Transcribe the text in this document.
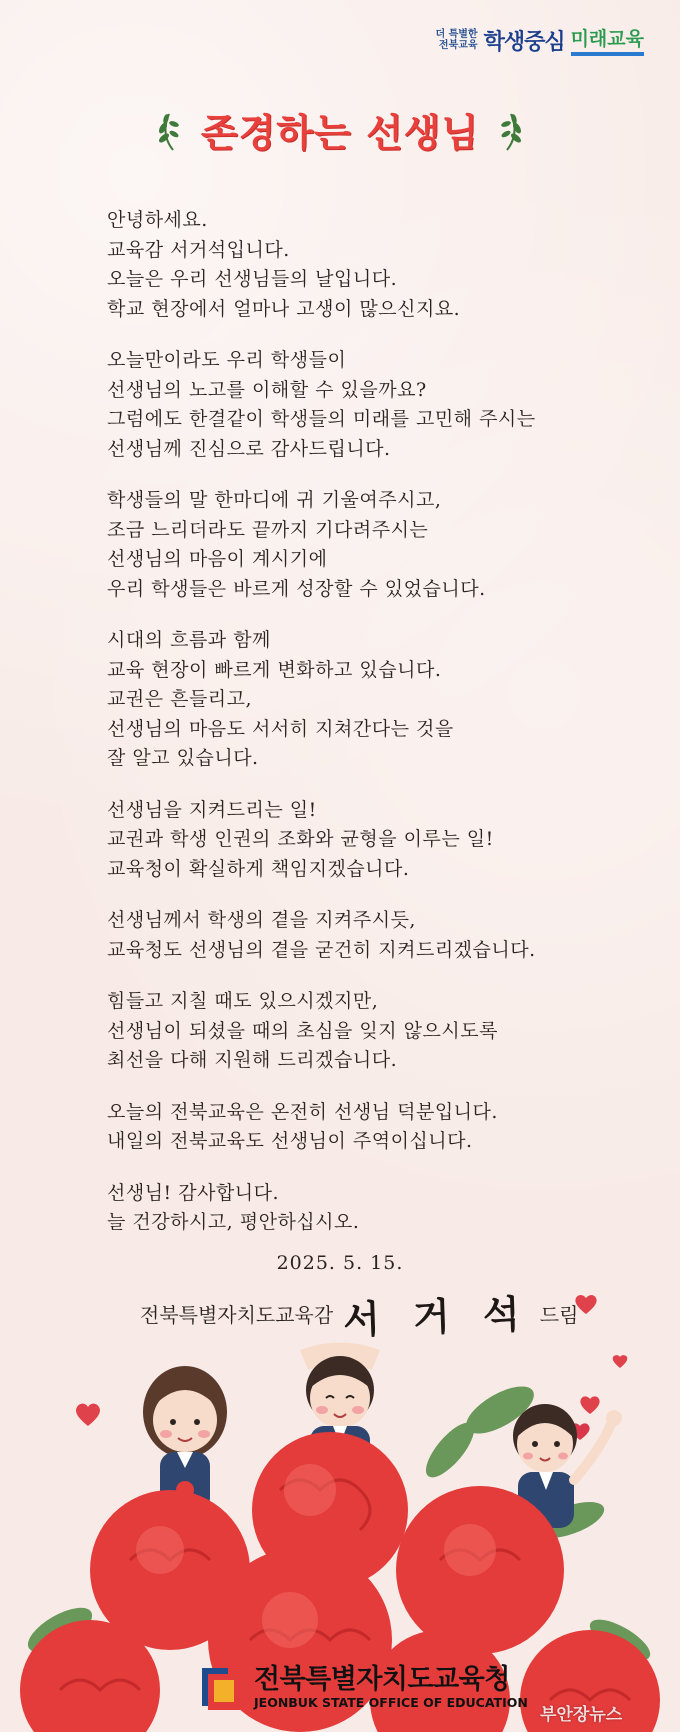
더 특별한
전북교육 학생중심 미래교육
존경하는 선생님
안녕하세요.
교육감 서거석입니다.
오늘은 우리 선생님들의 날입니다.
학교 현장에서 얼마나 고생이 많으신지요.
오늘만이라도 우리 학생들이
선생님의 노고를 이해할 수 있을까요?
그럼에도 한결같이 학생들의 미래를 고민해 주시는
선생님께 진심으로 감사드립니다.
학생들의 말 한마디에 귀 기울여주시고,
조금 느리더라도 끝까지 기다려주시는
선생님의 마음이 계시기에
우리 학생들은 바르게 성장할 수 있었습니다.
시대의 흐름과 함께
교육 현장이 빠르게 변화하고 있습니다.
교권은 흔들리고,
선생님의 마음도 서서히 지쳐간다는 것을
잘 알고 있습니다.
선생님을 지켜드리는 일!
교권과 학생 인권의 조화와 균형을 이루는 일!
교육청이 확실하게 책임지겠습니다.
선생님께서 학생의 곁을 지켜주시듯,
교육청도 선생님의 곁을 굳건히 지켜드리겠습니다.
힘들고 지칠 때도 있으시겠지만,
선생님이 되셨을 때의 초심을 잊지 않으시도록
최선을 다해 지원해 드리겠습니다.
오늘의 전북교육은 온전히 선생님 덕분입니다.
내일의 전북교육도 선생님이 주역이십니다.
선생님! 감사합니다.
늘 건강하시고, 평안하십시오.
2025. 5. 15.
전북특별자치도교육감 서 거 석 드림
전북특별자치도교육청
JEONBUK STATE OFFICE OF EDUCATION
부안장뉴스
